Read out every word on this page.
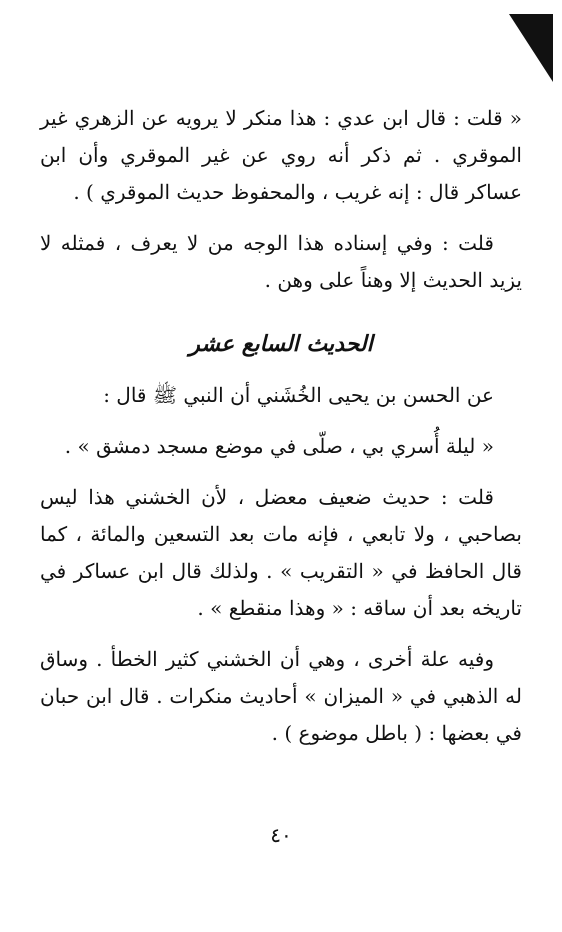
« قلت : قال ابن عدي : هذا منكر لا يرويه عن الزهري غير الموقري . ثم ذكر أنه روي عن غير الموقري وأن ابن عساكر قال : إنه غريب ، والمحفوظ حديث الموقري ) .

قلت : وفي إسناده هذا الوجه من لا يعرف ، فمثله لا يزيد الحديث إلا وهناً على وهن .

الحديث السابع عشر

عن الحسن بن يحيى الخُشَني أن النبي ﷺ قال :

« ليلة أُسري بي ، صلّى في موضع مسجد دمشق » .

قلت : حديث ضعيف معضل ، لأن الخشني هذا ليس بصاحبي ، ولا تابعي ، فإنه مات بعد التسعين والمائة ، كما قال الحافظ في « التقريب » . ولذلك قال ابن عساكر في تاريخه بعد أن ساقه : « وهذا منقطع » .

وفيه علة أخرى ، وهي أن الخشني كثير الخطأ . وساق له الذهبي في « الميزان » أحاديث منكرات . قال ابن حبان في بعضها : ( باطل موضوع ) .

٤٠
